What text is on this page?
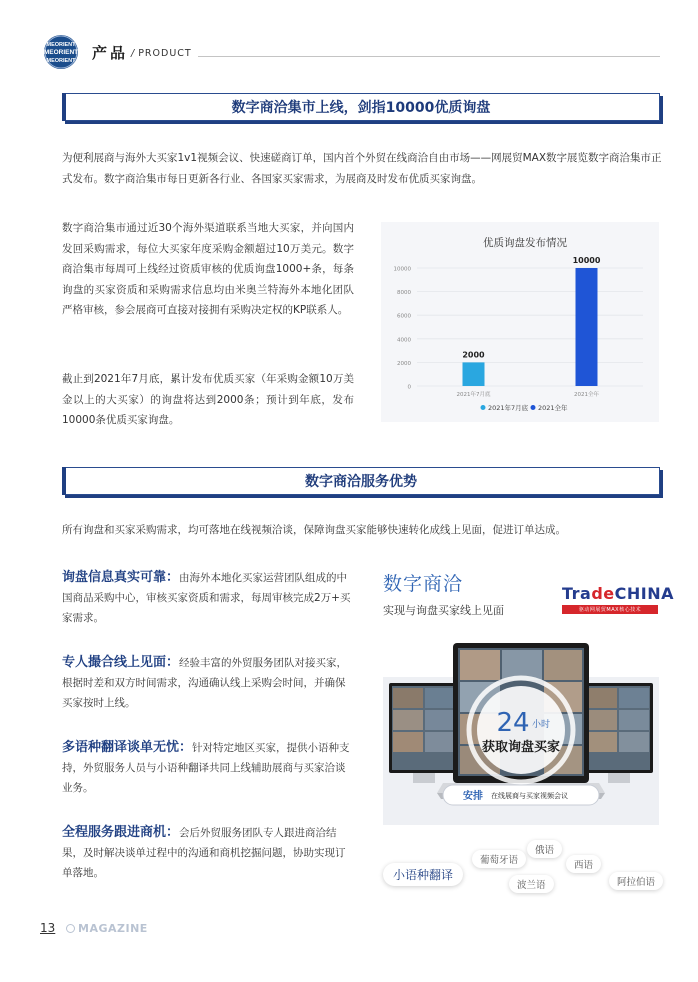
MEORIENT
MEORIENT
MEORIENT 产品 / PRODUCT
数字商洽集市上线，剑指10000优质询盘
为便利展商与海外大买家1v1视频会议、快速磋商订单，国内首个外贸在线商洽自由市场——网展贸MAX数字展览数字商洽集市正式发布。数字商洽集市每日更新各行业、各国家买家需求，为展商及时发布优质买家询盘。
数字商洽集市通过近30个海外渠道联系当地大买家，并向国内发回采购需求，每位大买家年度采购金额超过10万美元。数字商洽集市每周可上线经过资质审核的优质询盘1000+条，每条询盘的买家资质和采购需求信息均由米奥兰特海外本地化团队严格审核，参会展商可直接对接拥有采购决定权的KP联系人。
截止到2021年7月底，累计发布优质买家（年采购金额10万美金以上的大买家）的询盘将达到2000条；预计到年底，发布10000条优质买家询盘。
优质询盘发布情况
0
2000
4000
6000
8000
10000
2000
2021年7月底
10000
2021全年
2021年7月底 2021全年
数字商洽服务优势
所有询盘和买家采购需求，均可落地在线视频洽谈，保障询盘买家能够快速转化成线上见面，促进订单达成。
询盘信息真实可靠：由海外本地化买家运营团队组成的中国商品采购中心，审核买家资质和需求，每周审核完成2万+买家需求。
专人撮合线上见面：经验丰富的外贸服务团队对接买家，根据时差和双方时间需求，沟通确认线上采购会时间，并确保买家按时上线。
多语种翻译谈单无忧：针对特定地区买家，提供小语种支持，外贸服务人员与小语种翻译共同上线辅助展商与买家洽谈业务。
全程服务跟进商机：会后外贸服务团队专人跟进商洽结果，及时解决谈单过程中的沟通和商机挖掘问题，协助实现订单落地。
数字商洽
实现与询盘买家线上见面
TradeCHINA
驱动网展贸MAX核心技术
24 小时
获取询盘买家
安排 在线展商与买家视频会议
小语种翻译
葡萄牙语
俄语
西语
波兰语	阿拉伯语
13	MAGAZINE
